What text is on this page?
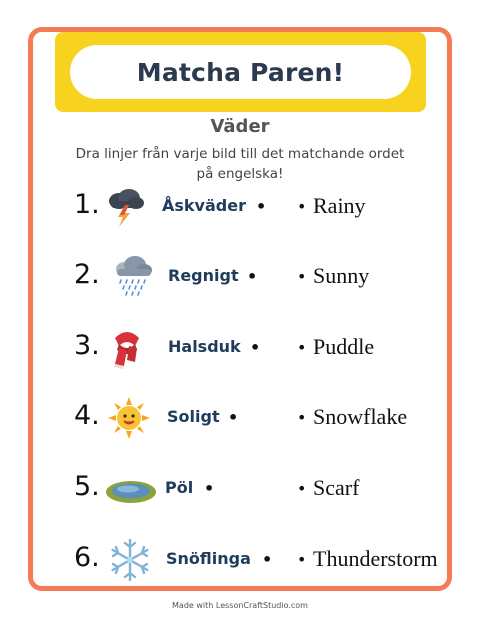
Matcha Paren!
Väder
Dra linjer från varje bild till det matchande ordet på engelska!
1.	Åskväder • • Rainy
2.	Regnigt • • Sunny
3.	Halsduk • • Puddle
4.	Soligt •	• Snowflake
5.	Pöl •	• Scarf
6.	Snöflinga • • Thunderstorm
Made with LessonCraftStudio.com
